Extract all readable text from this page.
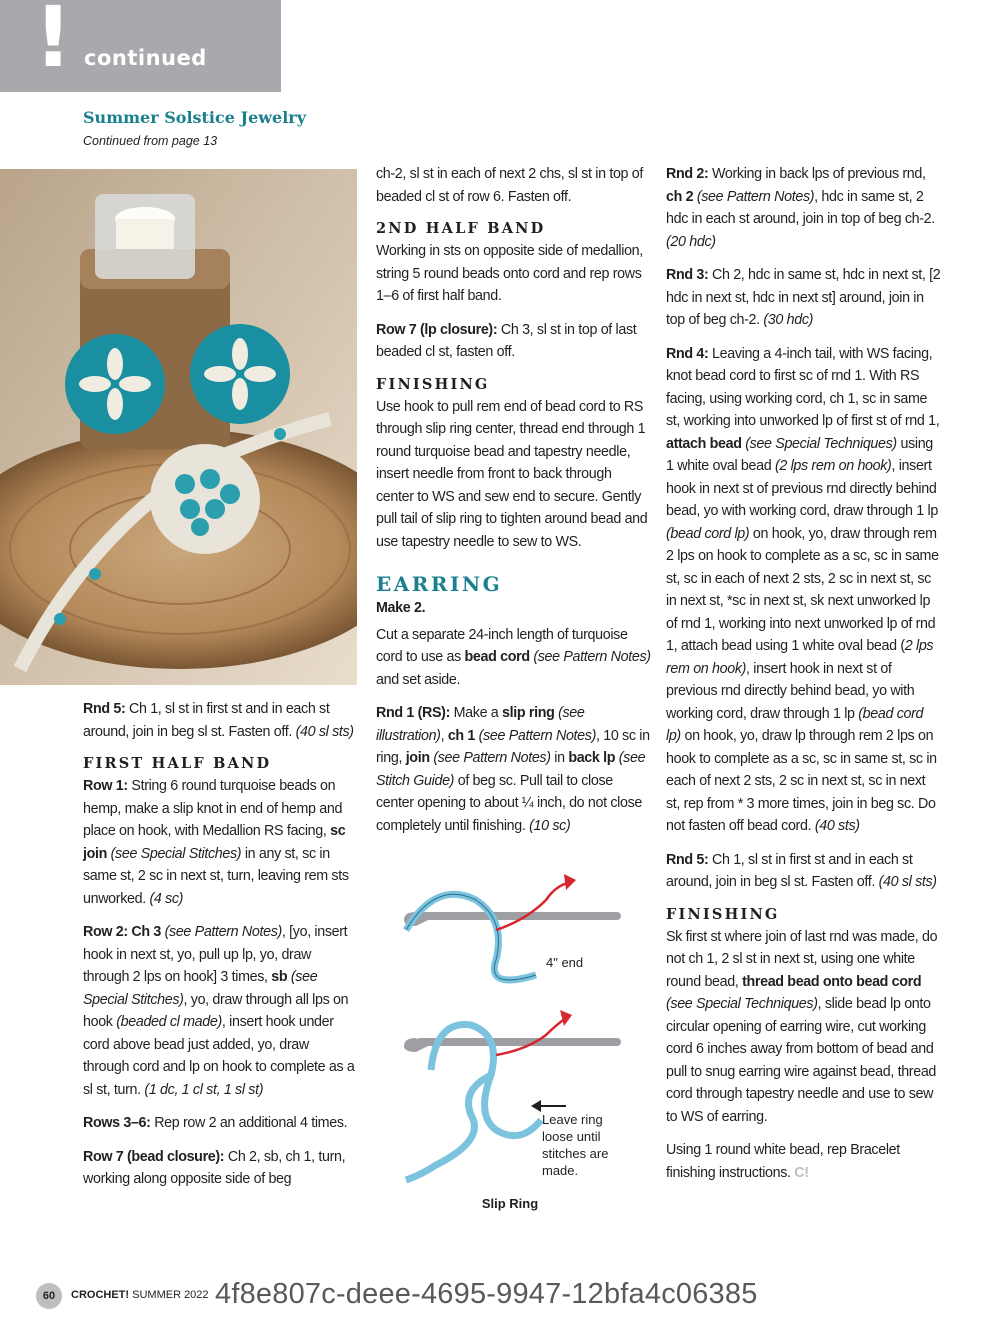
! continued
Summer Solstice Jewelry
Continued from page 13

Rnd 5: Ch 1, sl st in first st and in each st around, join in beg sl st. Fasten off. (40 sl sts)

FIRST HALF BAND

Row 1: String 6 round turquoise beads on hemp, make a slip knot in end of hemp and place on hook, with Medallion RS facing, sc join (see Special Stitches) in any st, sc in same st, 2 sc in next st, turn, leaving rem sts unworked. (4 sc)

Row 2: Ch 3 (see Pattern Notes), [yo, insert hook in next st, yo, pull up lp, yo, draw through 2 lps on hook] 3 times, sb (see Special Stitches), yo, draw through all lps on hook (beaded cl made), insert hook under cord above bead just added, yo, draw through cord and lp on hook to complete as a sl st, turn. (1 dc, 1 cl st, 1 sl st)

Rows 3–6: Rep row 2 an additional 4 times.

Row 7 (bead closure): Ch 2, sb, ch 1, turn, working along opposite side of beg

ch-2, sl st in each of next 2 chs, sl st in top of beaded cl st of row 6. Fasten off.

2ND HALF BAND

Working in sts on opposite side of medallion, string 5 round beads onto cord and rep rows 1–6 of first half band.

Row 7 (lp closure): Ch 3, sl st in top of last beaded cl st, fasten off.

FINISHING

Use hook to pull rem end of bead cord to RS through slip ring center, thread end through 1 round turquoise bead and tapestry needle, insert needle from front to back through center to WS and sew end to secure. Gently pull tail of slip ring to tighten around bead and use tapestry needle to sew to WS.

EARRING

Make 2.

Cut a separate 24-inch length of turquoise cord to use as bead cord (see Pattern Notes) and set aside.

Rnd 1 (RS): Make a slip ring (see illustration), ch 1 (see Pattern Notes), 10 sc in ring, join (see Pattern Notes) in back lp (see Stitch Guide) of beg sc. Pull tail to close center opening to about ¼ inch, do not close completely until finishing. (10 sc)

Rnd 2: Working in back lps of previous rnd, ch 2 (see Pattern Notes), hdc in same st, 2 hdc in each st around, join in top of beg ch-2. (20 hdc)

Rnd 3: Ch 2, hdc in same st, hdc in next st, [2 hdc in next st, hdc in next st] around, join in top of beg ch-2. (30 hdc)

Rnd 4: Leaving a 4-inch tail, with WS facing, knot bead cord to first sc of rnd 1. With RS facing, using working cord, ch 1, sc in same st, working into unworked lp of first st of rnd 1, attach bead (see Special Techniques) using 1 white oval bead (2 lps rem on hook), insert hook in next st of previous rnd directly behind bead, yo with working cord, draw through 1 lp (bead cord lp) on hook, yo, draw through rem 2 lps on hook to complete as a sc, sc in same st, sc in each of next 2 sts, 2 sc in next st, sc in next st, *sc in next st, sk next unworked lp of rnd 1, working into next unworked lp of rnd 1, attach bead using 1 white oval bead (2 lps rem on hook), insert hook in next st of previous rnd directly behind bead, yo with working cord, draw through 1 lp (bead cord lp) on hook, yo, draw lp through rem 2 lps on hook to complete as a sc, sc in same st, sc in each of next 2 sts, 2 sc in next st, sc in next st, rep from * 3 more times, join in beg sc. Do not fasten off bead cord. (40 sts)

Rnd 5: Ch 1, sl st in first st and in each st around, join in beg sl st. Fasten off. (40 sl sts)

FINISHING

Sk first st where join of last rnd was made, do not ch 1, 2 sl st in next st, using one white round bead, thread bead onto bead cord (see Special Techniques), slide bead lp onto circular opening of earring wire, cut working cord 6 inches away from bottom of bead and pull to snug earring wire against bead, thread cord through tapestry needle and use to sew to WS of earring.

Using 1 round white bead, rep Bracelet finishing instructions. C!

4" end
Leave ring loose until stitches are made.
Slip Ring
60	CROCHET! SUMMER 2022 4f8e807c-deee-4695-9947-12bfa4c06385
